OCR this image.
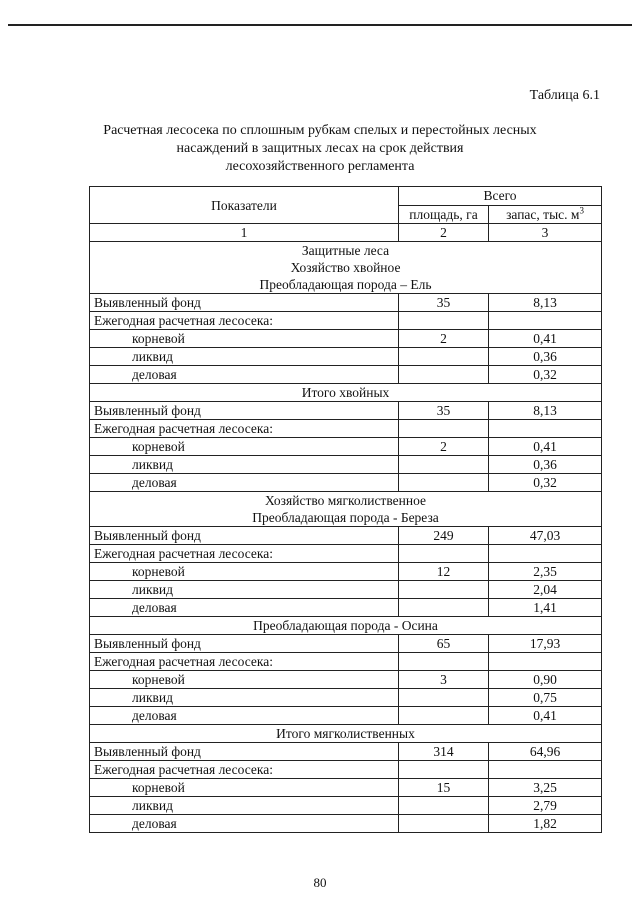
Таблица 6.1
Расчетная лесосека по сплошным рубкам спелых и перестойных лесных
насаждений в защитных лесах на срок действия
лесохозяйственного регламента
Показатели	Всего	
	площадь, га	запас, тыс. $м^3$
1	2	3

Защитные леса
Хозяйство хвойное
Преобладающая порода – Ель		

Выявленный фонд	35	8,13
Ежегодная расчетная лесосека:		
корневой	2	0,41
ликвид		0,36
деловая		0,32

Итого хвойных		

Выявленный фонд	35	8,13
Ежегодная расчетная лесосека:		
корневой	2	0,41
ликвид		0,36
деловая		0,32

Хозяйство мягколиственное
Преобладающая порода - Береза		

Выявленный фонд	249	47,03
Ежегодная расчетная лесосека:		
корневой	12	2,35
ликвид		2,04
деловая		1,41

Преобладающая порода - Осина		

Выявленный фонд	65	17,93
Ежегодная расчетная лесосека:		
корневой	3	0,90
ликвид		0,75
деловая		0,41

Итого мягколиственных		

Выявленный фонд	314	64,96
Ежегодная расчетная лесосека:		
корневой	15	3,25
ликвид		2,79
деловая		1,82
80
